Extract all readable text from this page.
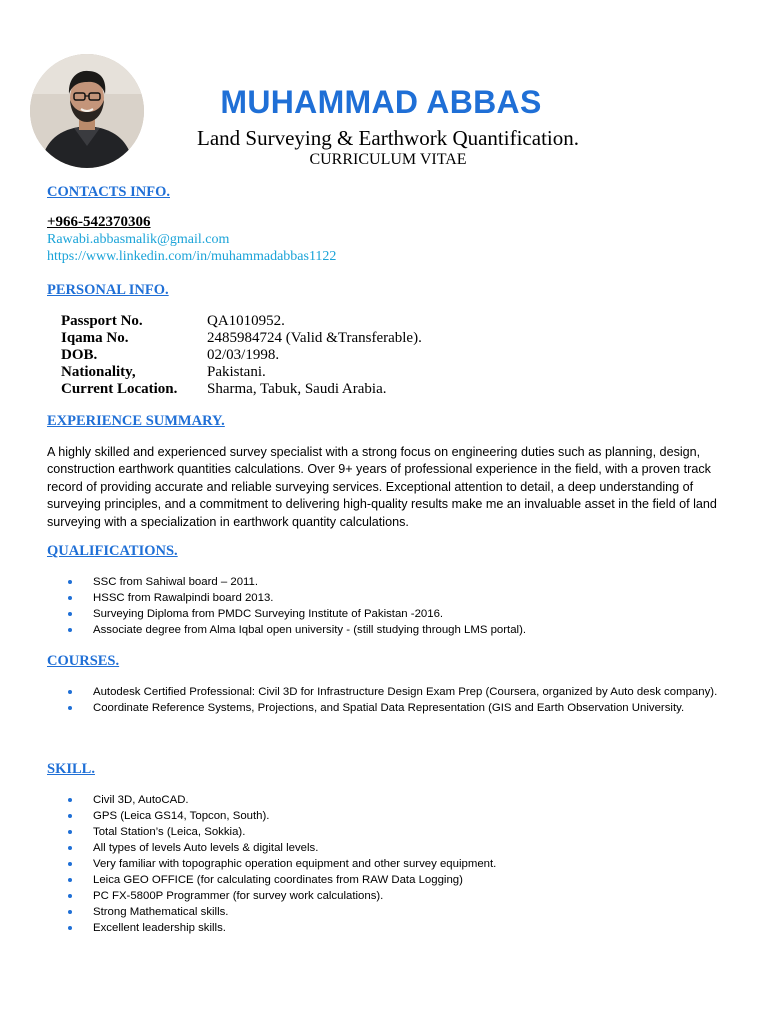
MUHAMMAD ABBAS
Land Surveying & Earthwork Quantification.
CURRICULUM VITAE
CONTACTS INFO.
+966-542370306
Rawabi.abbasmalik@gmail.com
https://www.linkedin.com/in/muhammadabbas1122
PERSONAL INFO.
Passport No.	QA1010952.
Iqama No.	2485984724 (Valid &Transferable).
DOB.	02/03/1998.
Nationality,	Pakistani.
Current Location.	Sharma, Tabuk, Saudi Arabia.
EXPERIENCE SUMMARY.
A highly skilled and experienced survey specialist with a strong focus on engineering duties such as planning, design, construction earthwork quantities calculations. Over 9+ years of professional experience in the field, with a proven track record of providing accurate and reliable surveying services. Exceptional attention to detail, a deep understanding of surveying principles, and a commitment to delivering high-quality results make me an invaluable asset in the field of land surveying with a specialization in earthwork quantity calculations.
QUALIFICATIONS.
SSC from Sahiwal board – 2011.
HSSC from Rawalpindi board 2013.
Surveying Diploma from PMDC Surveying Institute of Pakistan -2016.
Associate degree from Alma Iqbal open university - (still studying through LMS portal).
COURSES.
Autodesk Certified Professional: Civil 3D for Infrastructure Design Exam Prep (Coursera, organized by Auto desk company).
Coordinate Reference Systems, Projections, and Spatial Data Representation (GIS and Earth Observation University.
SKILL.
Civil 3D, AutoCAD.
GPS (Leica GS14, Topcon, South).
Total Station’s (Leica, Sokkia).
All types of levels Auto levels & digital levels.
Very familiar with topographic operation equipment and other survey equipment.
Leica GEO OFFICE (for calculating coordinates from RAW Data Logging)
PC FX-5800P Programmer (for survey work calculations).
Strong Mathematical skills.
Excellent leadership skills.
